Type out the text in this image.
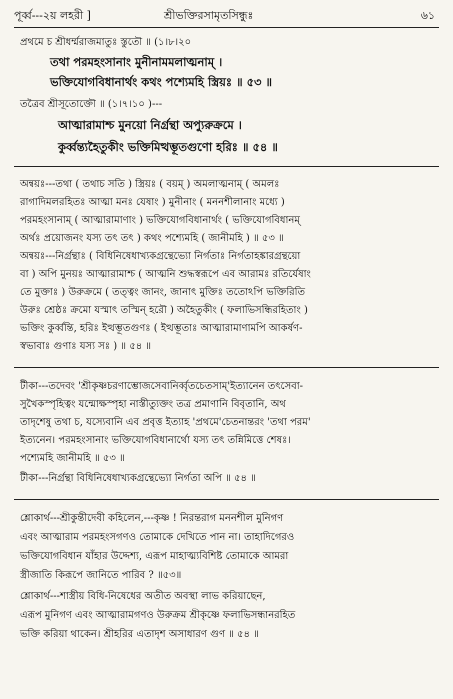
পূর্ব্ব---২য় লহরী ]	শ্রীভক্তিরসামৃতসিন্ধুঃ	৬১
প্রথমে চ শ্রীধর্ম্মরাজমাতুঃ স্তুতৌ ॥ (১।৮।২০
তথা পরমহংসানাং মুনীনামমলাত্মনাম্ ।
ভক্তিযোগবিধানার্থং কথং পশ্যেমহি স্ত্রিয়ঃ ॥ ৫৩ ॥
তত্রৈব শ্রীসূতোক্তৌ ॥ (১।৭।১০ )---
আত্মারামাশ্চ মুনয়ো নির্গ্রন্থা অপ্যুরুক্রমে ।
কুর্ব্বন্ত্যহৈতুকীং ভক্তিমিত্থম্ভূতগুণো হরিঃ ॥ ৫৪ ॥
অন্বয়ঃ---তথা ( তথাচ সতি ) স্ত্রিয়ঃ ( বয়ম্ ) অমলাত্মনাম্ ( অমলঃ
রাগাদিমলরহিতঃ আত্মা মনঃ যেষাং ) মুনীনাং ( মননশীলানাং মধ্যে )
পরমহংসানাম্ ( আত্মারামাণাং ) ভক্তিযোগবিধানার্থং ( ভক্তিযোগবিধানম্
অর্থঃ প্রয়োজনং যস্য তৎ তৎ ) কথং পশ্যেমহি ( জানীমহি ) ॥ ৫৩ ॥
অন্বয়ঃ---নির্গ্রন্থাঃ ( বিধিনিষেধাখ্যকগ্রন্থেভ্যো নির্গতাঃ নির্গতাহঙ্কারগ্রন্থয়ো
বা ) অপি মুনয়ঃ আত্মারামাশ্চ ( আত্মনি শুদ্ধস্বরূপে এব আরামঃ রতির্যেষাং
তে মুক্তাঃ ) উরুক্রমে ( তত্ত্বং জানং, জানাৎ মুক্তিঃ ততোঽপি ভক্তিরিতি
উরুঃ শ্রেষ্ঠঃ ক্রমো যস্মাৎ তস্মিন্ হরৌ ) অহৈতুকীং ( ফলাভিসন্ধিরহিতাং )
ভক্তিং কুর্ব্বন্তি, হরিঃ ইত্থম্ভূতগুণঃ ( ইত্থম্ভূতাঃ আত্মারামাণামপি আকর্ষণ-
স্বভাবাঃ গুণাঃ যস্য সঃ ) ॥ ৫৪ ॥
টীকা---তদেবং 'শ্রীকৃষ্ণচরণাম্ভোজসেবানির্ব্বৃতচেতসাম্'ইত্যানেন তৎসেবা-
সুখৈকস্পৃহিত্বং যন্মোক্ষস্পৃহা নাস্তীত্যুক্তং তত্র প্রমাণানি বিবৃতানি, অথ
তাদৃশেষু তথা চ, যস্যেবানি এব প্রবৃত্ত ইত্যাহ 'প্রথমে'চেতনান্তরং 'তথা পরম'
ইত্যনেন। পরমহংসানাং ভক্তিযোগবিধানার্থো যস্য তৎ তন্নিমিত্তে শেষঃ।
পশ্যেমহি জানীমহি ॥ ৫৩ ॥
টীকা---নির্গ্রন্থা বিধিনিষেধাখ্যকগ্রন্থেভ্যো নির্গতা অপি ॥ ৫৪ ॥
শ্লোকার্থ---শ্রীকুন্তীদেবী কহিলেন,---কৃষ্ণ ! নিরন্তরাগ মননশীল মুনিগণ
এবং আত্মারাম পরমহংসগণও তোমাকে দেখিতে পান না। তাহাদিগেরও
ভক্তিযোগবিধান যাঁহার উদ্দেশ্য, এরূপ মাহাত্ম্যবিশিষ্ট তোমাকে আমরা
স্ত্রীজাতি কিরূপে জানিতে পারিব ? ॥৫৩॥
শ্লোকার্থ---শাস্ত্রীয় বিধি-নিষেধের অতীত অবস্থা লাভ করিয়াছেন,
এরূপ মুনিগণ এবং আত্মারামগণও উরুক্রম শ্রীকৃষ্ণে ফলাভিসন্ধানরহিত
ভক্তি করিয়া থাকেন। শ্রীহরির এতাদৃশ অসাধারণ গুণ ॥ ৫৪ ॥
